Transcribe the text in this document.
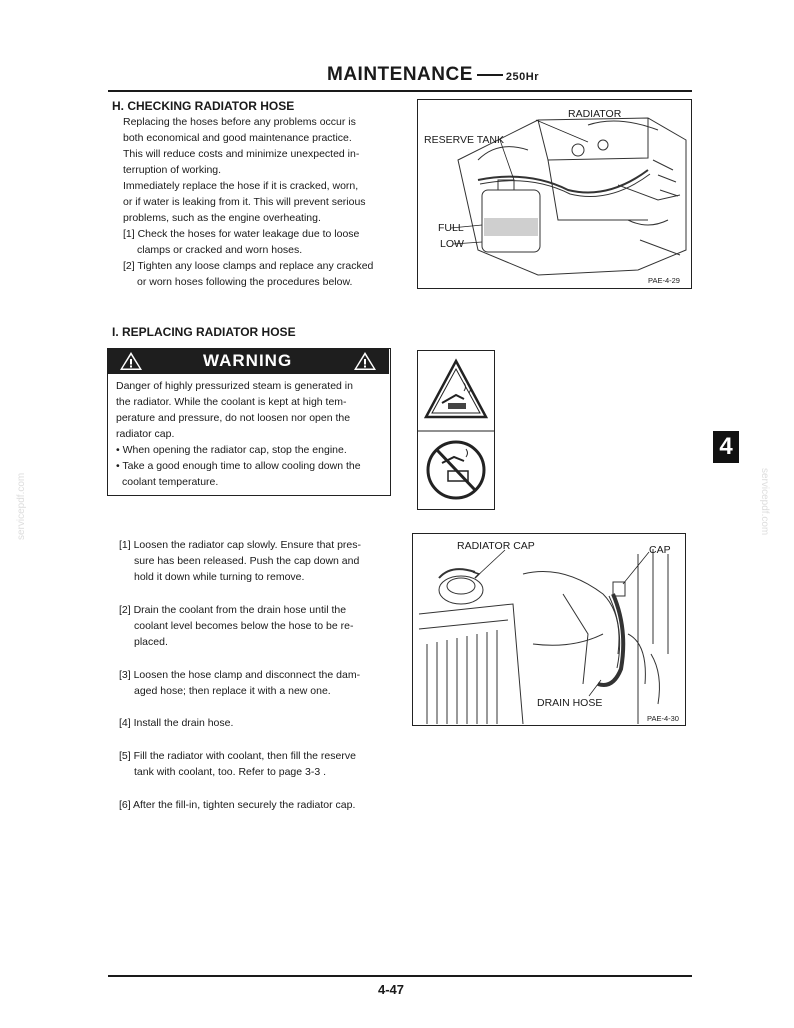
MAINTENANCE	250Hr
H. CHECKING RADIATOR HOSE

Replacing the hoses before any problems occur is

both economical and good maintenance practice.

This will reduce costs and minimize unexpected in-

terruption of working.

Immediately replace the hose if it is cracked, worn,

or if water is leaking from it. This will prevent serious

problems, such as the engine overheating.

[1] Check the hoses for water leakage due to loose

clamps or cracked and worn hoses.

[2] Tighten any loose clamps and replace any cracked

or worn hoses following the procedures below.

RADIATOR
RESERVE TANK
FULL
LOW
PAE-4-29
I. REPLACING RADIATOR HOSE
WARNING

Danger of highly pressurized steam is generated in

the radiator. While the coolant is kept at high tem-

perature and pressure, do not loosen nor open the

radiator cap.

• When opening the radiator cap, stop the engine.

• Take a good enough time to allow cooling down the

coolant temperature.

4
[1] Loosen the radiator cap slowly. Ensure that pres-
sure has been released. Push the cap down and
hold it down while turning to remove.
[2] Drain the coolant from the drain hose until the
coolant level becomes below the hose to be re-
placed.
[3] Loosen the hose clamp and disconnect the dam-
aged hose; then replace it with a new one.
[4] Install the drain hose.
[5] Fill the radiator with coolant, then fill the reserve
tank with coolant, too. Refer to page 3-3 .
[6] After the fill-in, tighten securely the radiator cap.
RADIATOR CAP	CAP
DRAIN HOSE
PAE-4-30
4-47
servicepdf.com	servicepdf.com
